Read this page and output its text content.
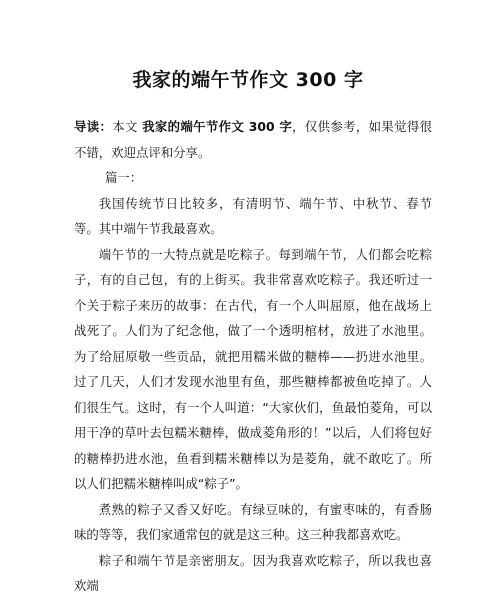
我家的端午节作文 300 字

导读：本文 我家的端午节作文 300 字，仅供参考，如果觉得很不错，欢迎点评和分享。

篇一：

我国传统节日比较多，有清明节、端午节、中秋节、春节等。其中端午节我最喜欢。

端午节的一大特点就是吃粽子。每到端午节，人们都会吃粽子，有的自己包，有的上街买。我非常喜欢吃粽子。我还听过一个关于粽子来历的故事：在古代，有一个人叫屈原，他在战场上战死了。人们为了纪念他，做了一个透明棺材，放进了水池里。为了给屈原敬一些贡品，就把用糯米做的糖棒——扔进水池里。过了几天，人们才发现水池里有鱼，那些糖棒都被鱼吃掉了。人们很生气。这时，有一个人叫道：“大家伙们，鱼最怕菱角，可以用干净的草叶去包糯米糖棒，做成菱角形的！”以后，人们将包好的糖棒扔进水池，鱼看到糯米糖棒以为是菱角，就不敢吃了。所以人们把糯米糖棒叫成“粽子”。

煮熟的粽子又香又好吃。有绿豆味的，有蜜枣味的，有香肠味的等等，我们家通常包的就是这三种。这三种我都喜欢吃。

粽子和端午节是亲密朋友。因为我喜欢吃粽子，所以我也喜欢端
